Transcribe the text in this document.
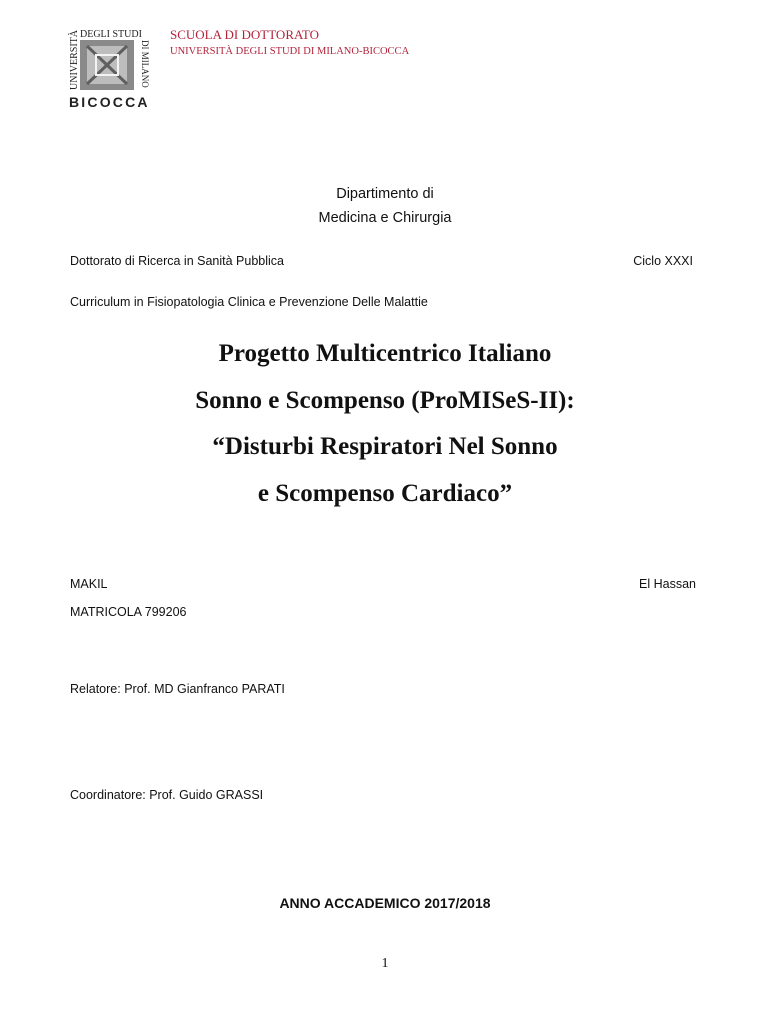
UNIVERSITÀ DEGLI STUDI
DI MILANO
BICOCCA
SCUOLA DI DOTTORATO
UNIVERSITÀ DEGLI STUDI DI MILANO-BICOCCA
Dipartimento di
Medicina e Chirurgia
Dottorato di Ricerca in Sanità Pubblica	Ciclo XXXI
Curriculum in Fisiopatologia Clinica e Prevenzione Delle Malattie
Progetto Multicentrico Italiano
Sonno e Scompenso (ProMISeS-II):
“Disturbi Respiratori Nel Sonno
e Scompenso Cardiaco”
MAKIL	El Hassan
MATRICOLA 799206
Relatore: Prof. MD Gianfranco PARATI
Coordinatore: Prof. Guido GRASSI
ANNO ACCADEMICO 2017/2018
1
